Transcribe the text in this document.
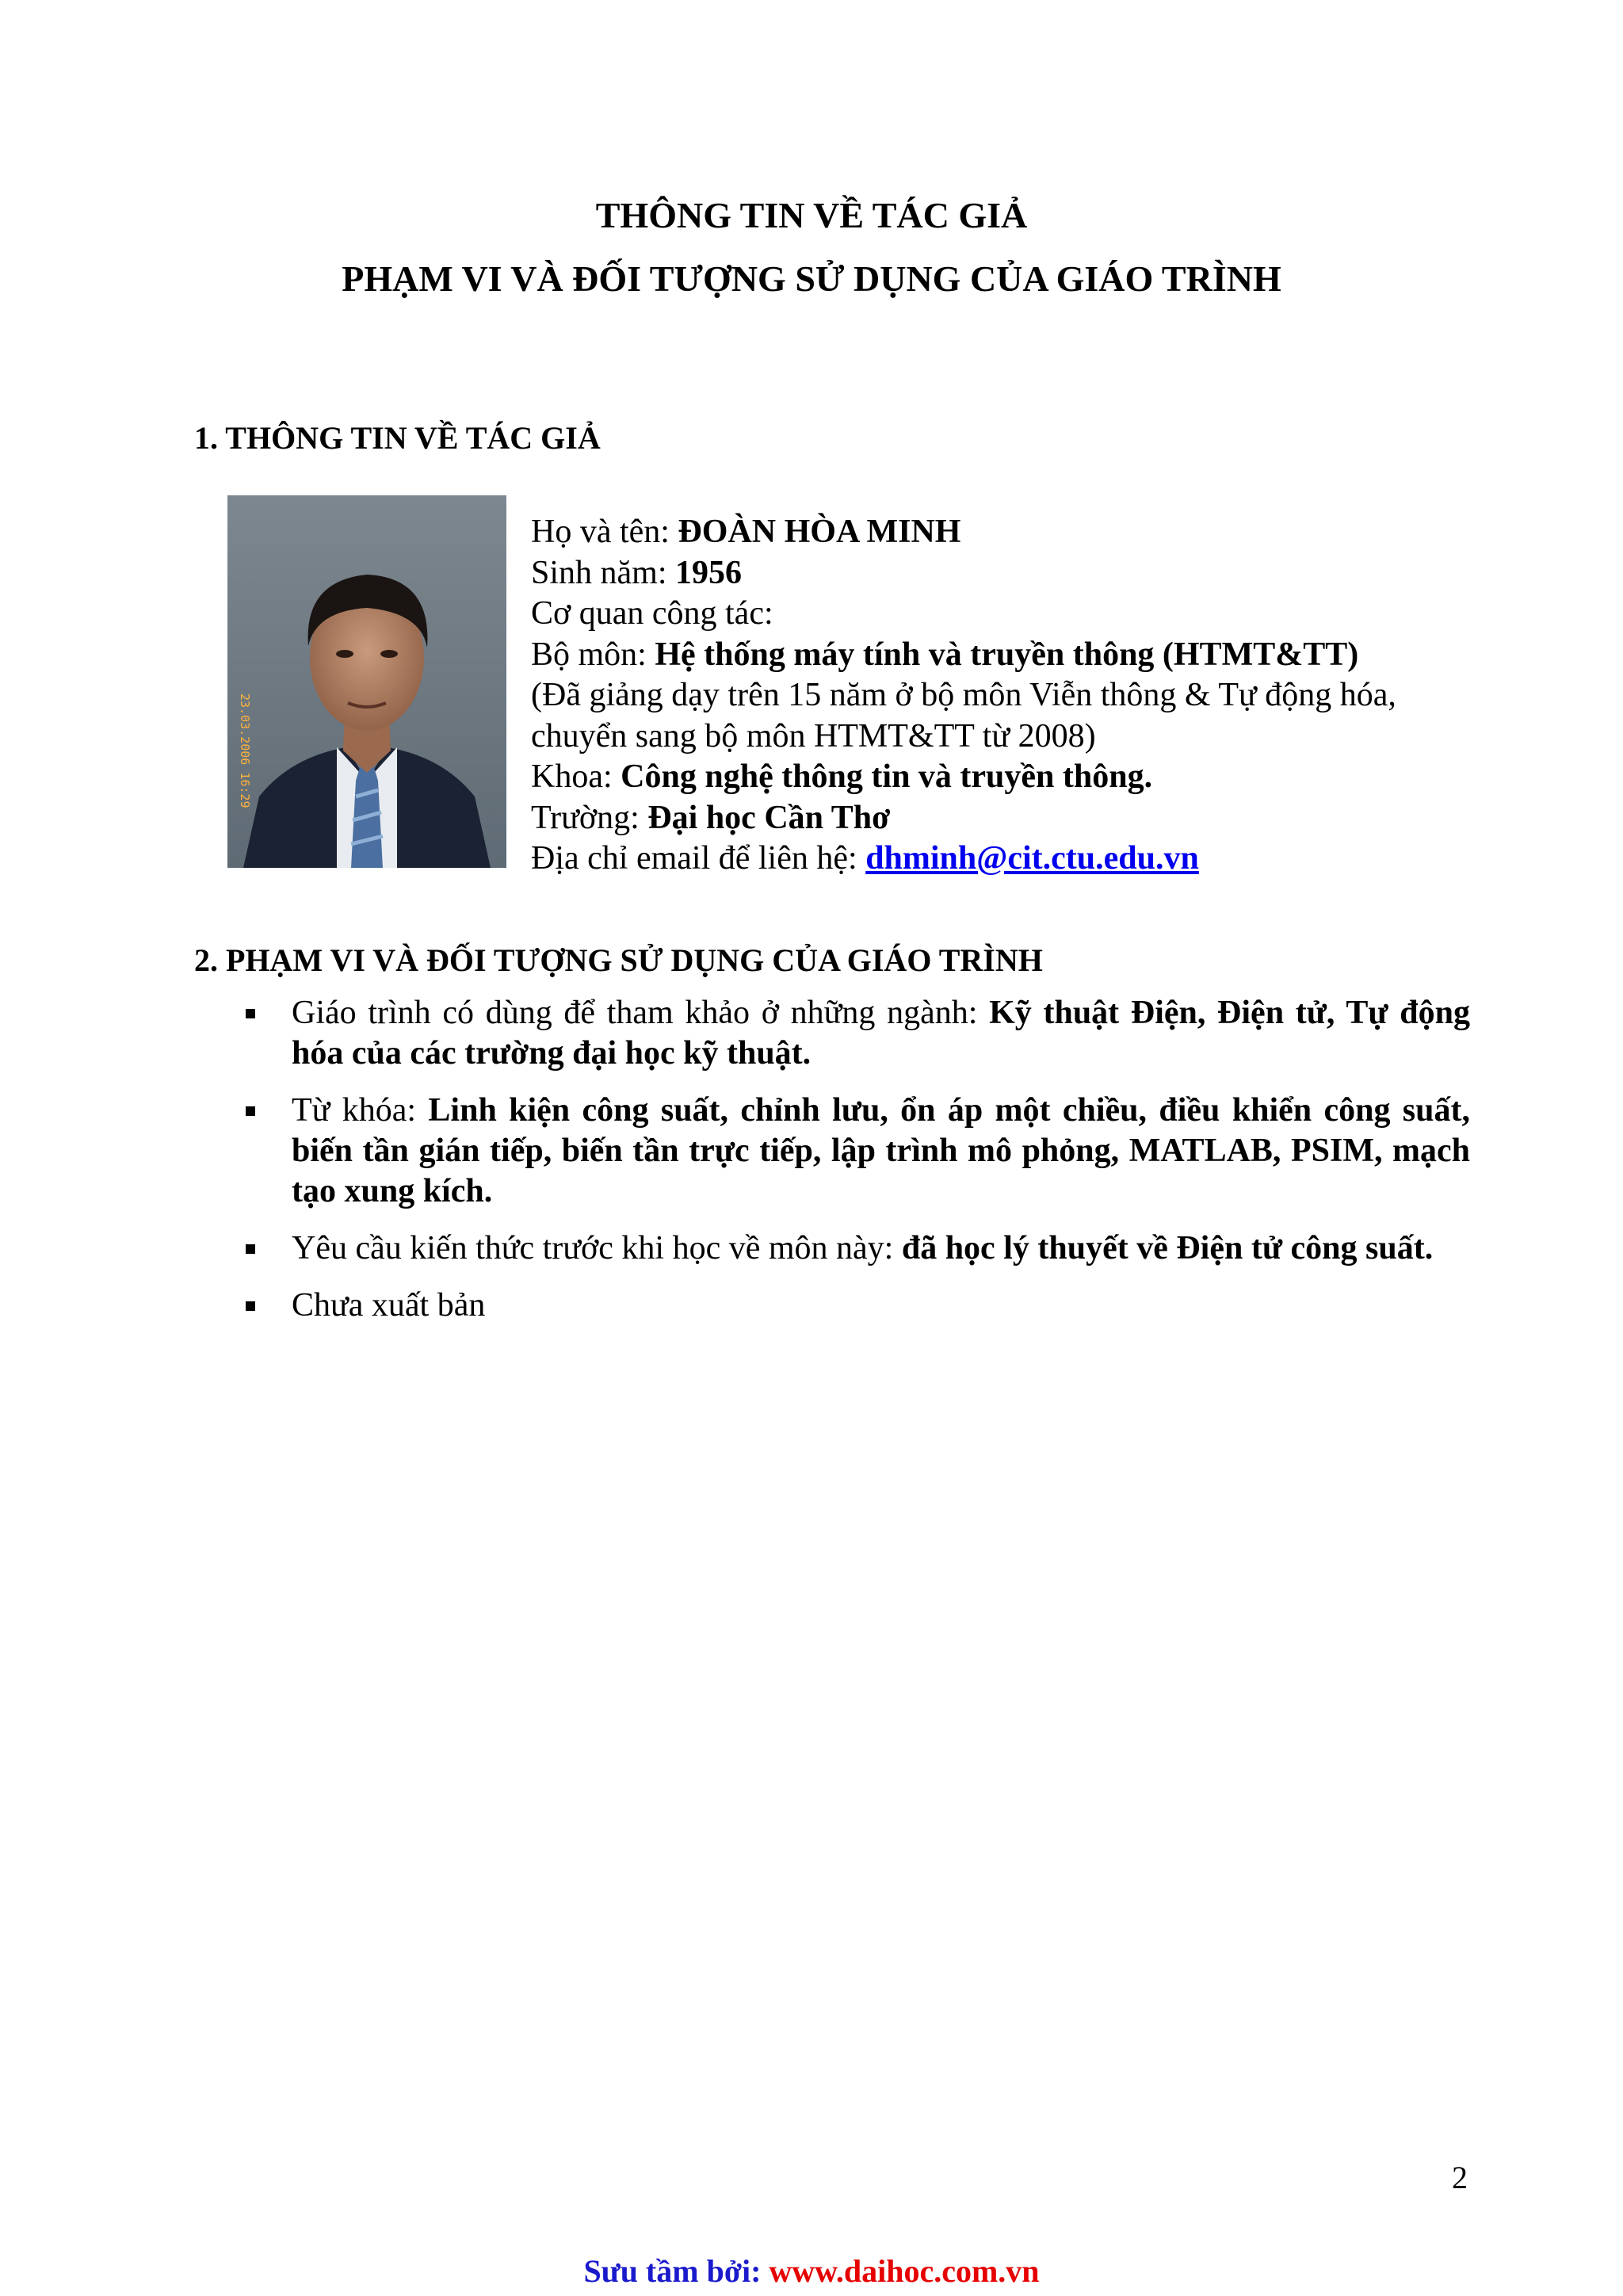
THÔNG TIN VỀ TÁC GIẢ
PHẠM VI VÀ ĐỐI TƯỢNG SỬ DỤNG CỦA GIÁO TRÌNH
1. THÔNG TIN VỀ TÁC GIẢ
23.03.2006 16:29
Họ và tên: ĐOÀN HÒA MINH
Sinh năm: 1956
Cơ quan công tác:
Bộ môn: Hệ thống máy tính và truyền thông (HTMT&TT)
(Đã giảng dạy trên 15 năm ở bộ môn Viễn thông & Tự động hóa,
chuyển sang bộ môn HTMT&TT từ 2008)
Khoa: Công nghệ thông tin và truyền thông.
Trường: Đại học Cần Thơ
Địa chỉ email để liên hệ: dhminh@cit.ctu.edu.vn
2. PHẠM VI VÀ ĐỐI TƯỢNG SỬ DỤNG CỦA GIÁO TRÌNH
Giáo trình có dùng để tham khảo ở những ngành: Kỹ thuật Điện, Điện tử, Tự động hóa của các trường đại học kỹ thuật.
Từ khóa: Linh kiện công suất, chỉnh lưu, ổn áp một chiều, điều khiển công suất, biến tần gián tiếp, biến tần trực tiếp, lập trình mô phỏng, MATLAB, PSIM, mạch tạo xung kích.
Yêu cầu kiến thức trước khi học về môn này: đã học lý thuyết về Điện tử công suất.
Chưa xuất bản
2
Sưu tầm bởi: www.daihoc.com.vn
